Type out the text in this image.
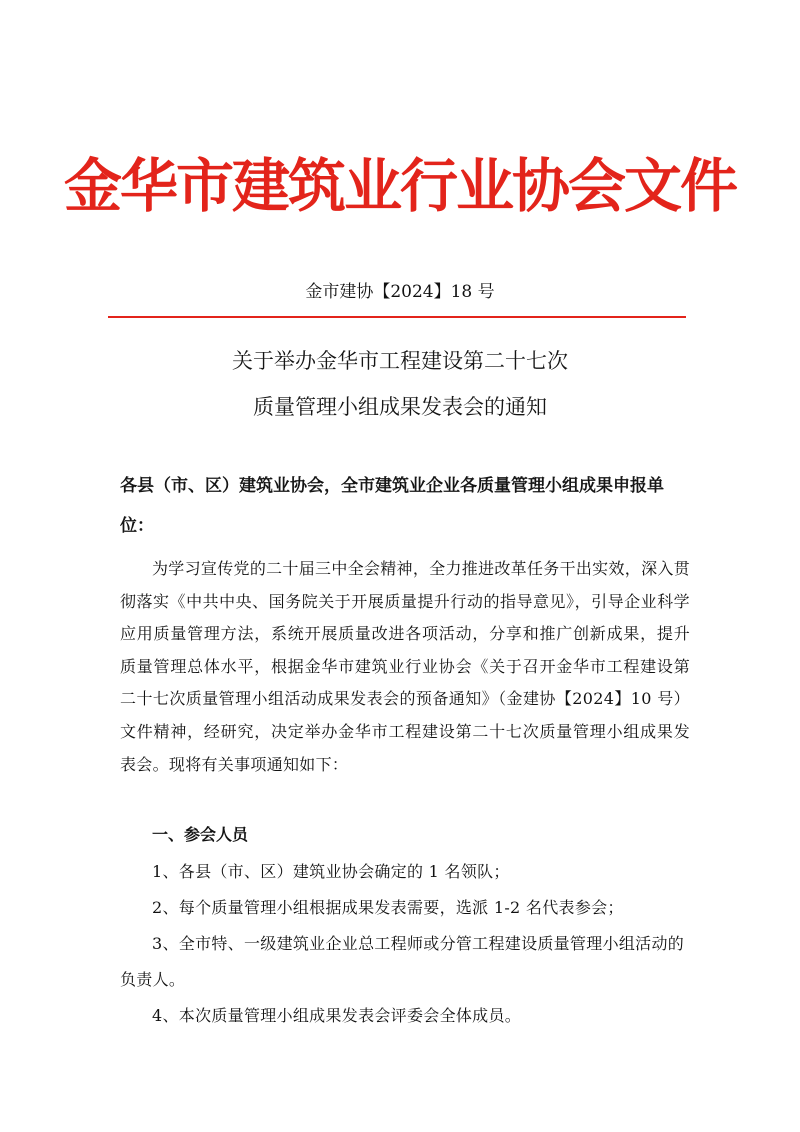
金华市建筑业行业协会文件
金市建协【2024】18 号
关于举办金华市工程建设第二十七次
质量管理小组成果发表会的通知
各县（市、区）建筑业协会，全市建筑业企业各质量管理小组成果申报单位：
为学习宣传党的二十届三中全会精神，全力推进改革任务干出实效，深入贯彻落实《中共中央、国务院关于开展质量提升行动的指导意见》，引导企业科学应用质量管理方法，系统开展质量改进各项活动，分享和推广创新成果，提升质量管理总体水平，根据金华市建筑业行业协会《关于召开金华市工程建设第二十七次质量管理小组活动成果发表会的预备通知》（金建协【2024】10 号）文件精神，经研究，决定举办金华市工程建设第二十七次质量管理小组成果发表会。现将有关事项通知如下：
一、参会人员
1、各县（市、区）建筑业协会确定的 1 名领队；
2、每个质量管理小组根据成果发表需要，选派 1-2 名代表参会；
3、全市特、一级建筑业企业总工程师或分管工程建设质量管理小组活动的负责人。
4、本次质量管理小组成果发表会评委会全体成员。
